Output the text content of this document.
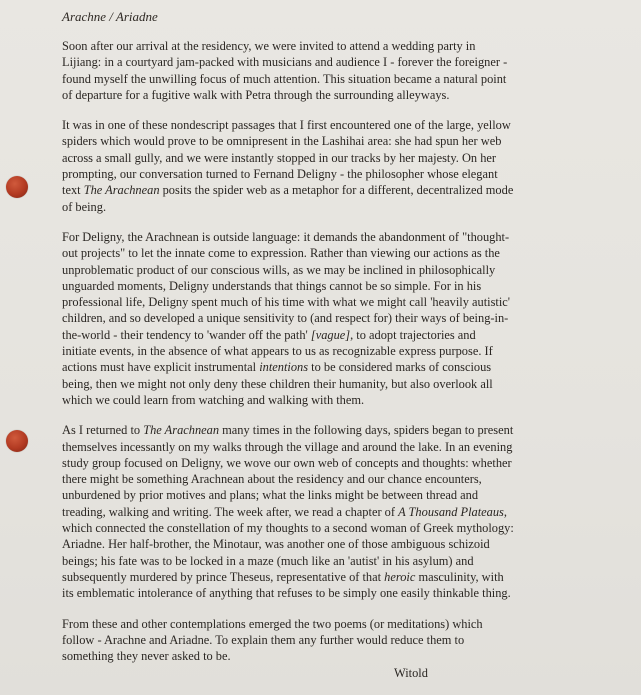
Arachne / Ariadne

Soon after our arrival at the residency, we were invited to attend a wedding party in
Lijiang: in a courtyard jam-packed with musicians and audience I - forever the foreigner -
found myself the unwilling focus of much attention. This situation became a natural point
of departure for a fugitive walk with Petra through the surrounding alleyways.

It was in one of these nondescript passages that I first encountered one of the large, yellow
spiders which would prove to be omnipresent in the Lashihai area: she had spun her web
across a small gully, and we were instantly stopped in our tracks by her majesty. On her
prompting, our conversation turned to Fernand Deligny - the philosopher whose elegant
text The Arachnean posits the spider web as a metaphor for a different, decentralized mode
of being.

For Deligny, the Arachnean is outside language: it demands the abandonment of "thought-
out projects" to let the innate come to expression. Rather than viewing our actions as the
unproblematic product of our conscious wills, as we may be inclined in philosophically
unguarded moments, Deligny understands that things cannot be so simple. For in his
professional life, Deligny spent much of his time with what we might call 'heavily autistic'
children, and so developed a unique sensitivity to (and respect for) their ways of being-in-
the-world - their tendency to 'wander off the path' [vague], to adopt trajectories and
initiate events, in the absence of what appears to us as recognizable express purpose. If
actions must have explicit instrumental intentions to be considered marks of conscious
being, then we might not only deny these children their humanity, but also overlook all
which we could learn from watching and walking with them.

As I returned to The Arachnean many times in the following days, spiders began to present
themselves incessantly on my walks through the village and around the lake. In an evening
study group focused on Deligny, we wove our own web of concepts and thoughts: whether
there might be something Arachnean about the residency and our chance encounters,
unburdened by prior motives and plans; what the links might be between thread and
treading, walking and writing. The week after, we read a chapter of A Thousand Plateaus,
which connected the constellation of my thoughts to a second woman of Greek mythology:
Ariadne. Her half-brother, the Minotaur, was another one of those ambiguous schizoid
beings; his fate was to be locked in a maze (much like an 'autist' in his asylum) and
subsequently murdered by prince Theseus, representative of that heroic masculinity, with
its emblematic intolerance of anything that refuses to be simply one easily thinkable thing.

From these and other contemplations emerged the two poems (or meditations) which
follow - Arachne and Ariadne. To explain them any further would reduce them to
something they never asked to be.

Witold
